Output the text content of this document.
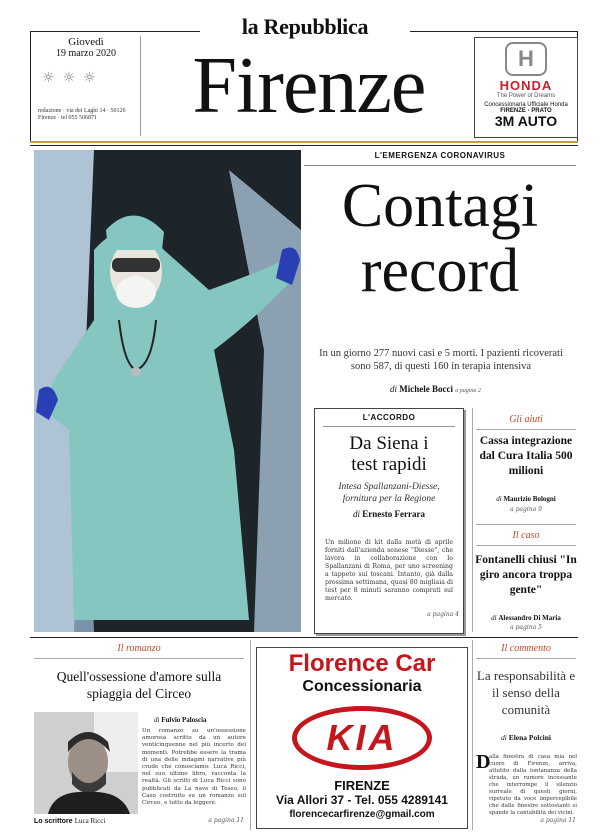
la Repubblica
Giovedì
19 marzo 2020
☼☼☼
redazione · via dei Laghi 14 · 50126 Firenze · tel 055 506871	Firenze	H
HONDA
The Power of Dreams
Concessionaria Ufficiale Honda
FIRENZE · PRATO
3M AUTO
L'EMERGENZA CORONAVIRUS
Contagi
record
In un giorno 277 nuovi casi e 5 morti. I pazienti ricoverati sono 587, di questi 160 in terapia intensiva
di Michele Bocci a pagina 2
L'ACCORDO
Da Siena i test rapidi
Intesa Spallanzani-Diesse, fornitura per la Regione
di Ernesto Ferrara
Un milione di kit dalla metà di aprile forniti dall'azienda senese "Diesse", che lavora in collaborazione con lo Spallanzani di Roma, per uno screening a tappeto sui toscani. Intanto, già dalla prossima settimana, quasi 80 migliaia di test per 8 minuti saranno comprati sul mercato.
a pagina 4
Gli aiuti
Cassa integrazione dal Cura Italia 500 milioni
di Maurizio Bologni
a pagina 9
Il caso
Fontanelli chiusi "In giro ancora troppa gente"
di Alessandro Di Maria
a pagina 5
Il romanzo
Quell'ossessione d'amore sulla spiaggia del Circeo
di Fulvio Paloscia
Un romanzo su un'ossessione amorosa scritto da un autore venticinquenne nel più incerto dei momenti. Potrebbe essere la trama di una delle indagini narrative più crude che conosciamo: Luca Ricci, nel suo ultimo libro, racconta la realtà. Gli scritti di Luca Ricci sono pubblicati da La nave di Teseo, il Caso costruito su un romanzo sul Circeo, e tutto da leggere.
Lo scrittore Luca Ricci	a pagina 11
Florence Car
Concessionaria
KIA
FIRENZE
Via Allori 37 - Tel. 055 4289141
florencecarfirenze@gmail.com
Il commento
La responsabilità e il senso della comunità
di Elena Polcini
D
alla finestra di casa mia nel cuore di Firenze, arriva, attutito dalla lontananza della strada, un rumore incessante che interrompe il silenzio surreale di questi giorni, ripetuto da voce impercepibile che dalle finestre sottostanti si spande la cantabilità dei vicini.
a pagina 11
